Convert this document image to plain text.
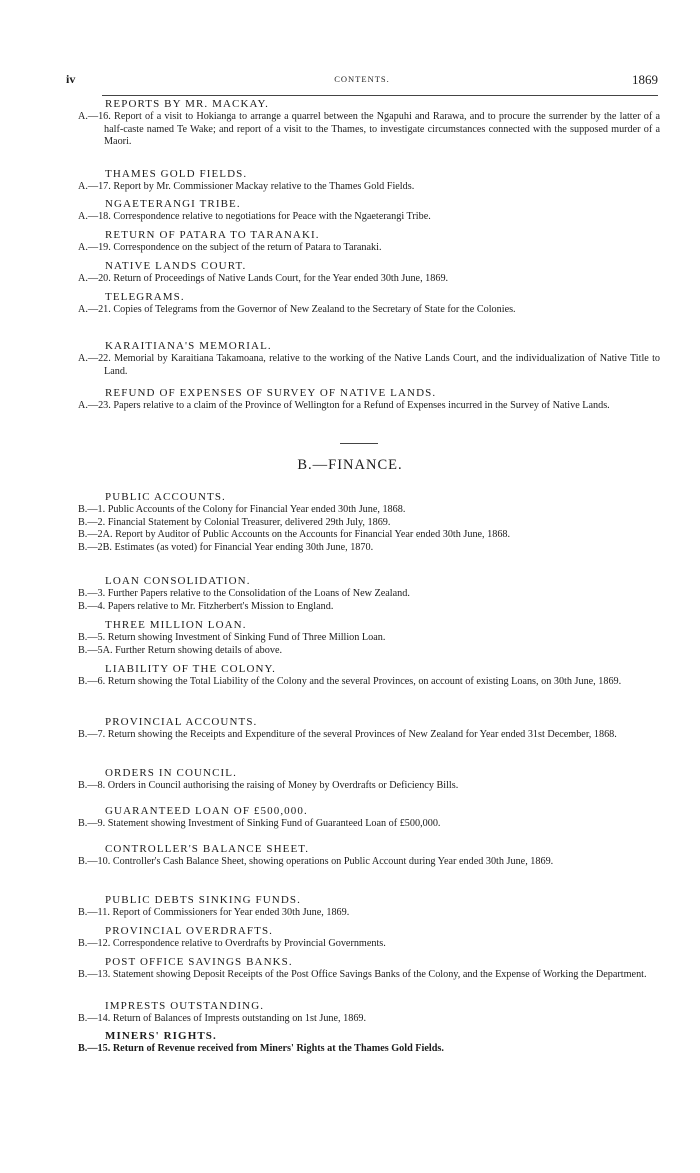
iv	CONTENTS.	1869
REPORTS BY MR. MACKAY.
A.—16. Report of a visit to Hokianga to arrange a quarrel between the Ngapuhi and Rarawa, and to procure the surrender by the latter of a half-caste named Te Wake; and report of a visit to the Thames, to investigate circumstances connected with the supposed murder of a Maori.
THAMES GOLD FIELDS.
A.—17. Report by Mr. Commissioner Mackay relative to the Thames Gold Fields.
NGAETERANGI TRIBE.
A.—18. Correspondence relative to negotiations for Peace with the Ngaeterangi Tribe.
RETURN OF PATARA TO TARANAKI.
A.—19. Correspondence on the subject of the return of Patara to Taranaki.
NATIVE LANDS COURT.
A.—20. Return of Proceedings of Native Lands Court, for the Year ended 30th June, 1869.
TELEGRAMS.
A.—21. Copies of Telegrams from the Governor of New Zealand to the Secretary of State for the Colonies.
KARAITIANA'S MEMORIAL.
A.—22. Memorial by Karaitiana Takamoana, relative to the working of the Native Lands Court, and the individualization of Native Title to Land.
REFUND OF EXPENSES OF SURVEY OF NATIVE LANDS.
A.—23. Papers relative to a claim of the Province of Wellington for a Refund of Expenses incurred in the Survey of Native Lands.
B.—FINANCE.
PUBLIC ACCOUNTS.
B.—1. Public Accounts of the Colony for Financial Year ended 30th June, 1868.
B.—2. Financial Statement by Colonial Treasurer, delivered 29th July, 1869.
B.—2A. Report by Auditor of Public Accounts on the Accounts for Financial Year ended 30th June, 1868.
B.—2B. Estimates (as voted) for Financial Year ending 30th June, 1870.
LOAN CONSOLIDATION.
B.—3. Further Papers relative to the Consolidation of the Loans of New Zealand.
B.—4. Papers relative to Mr. Fitzherbert's Mission to England.
THREE MILLION LOAN.
B.—5. Return showing Investment of Sinking Fund of Three Million Loan.
B.—5A. Further Return showing details of above.
LIABILITY OF THE COLONY.
B.—6. Return showing the Total Liability of the Colony and the several Provinces, on account of existing Loans, on 30th June, 1869.
PROVINCIAL ACCOUNTS.
B.—7. Return showing the Receipts and Expenditure of the several Provinces of New Zealand for Year ended 31st December, 1868.
ORDERS IN COUNCIL.
B.—8. Orders in Council authorising the raising of Money by Overdrafts or Deficiency Bills.
GUARANTEED LOAN OF £500,000.
B.—9. Statement showing Investment of Sinking Fund of Guaranteed Loan of £500,000.
CONTROLLER'S BALANCE SHEET.
B.—10. Controller's Cash Balance Sheet, showing operations on Public Account during Year ended 30th June, 1869.
PUBLIC DEBTS SINKING FUNDS.
B.—11. Report of Commissioners for Year ended 30th June, 1869.
PROVINCIAL OVERDRAFTS.
B.—12. Correspondence relative to Overdrafts by Provincial Governments.
POST OFFICE SAVINGS BANKS.
B.—13. Statement showing Deposit Receipts of the Post Office Savings Banks of the Colony, and the Expense of Working the Department.
IMPRESTS OUTSTANDING.
B.—14. Return of Balances of Imprests outstanding on 1st June, 1869.
MINERS' RIGHTS.
B.—15. Return of Revenue received from Miners' Rights at the Thames Gold Fields.
